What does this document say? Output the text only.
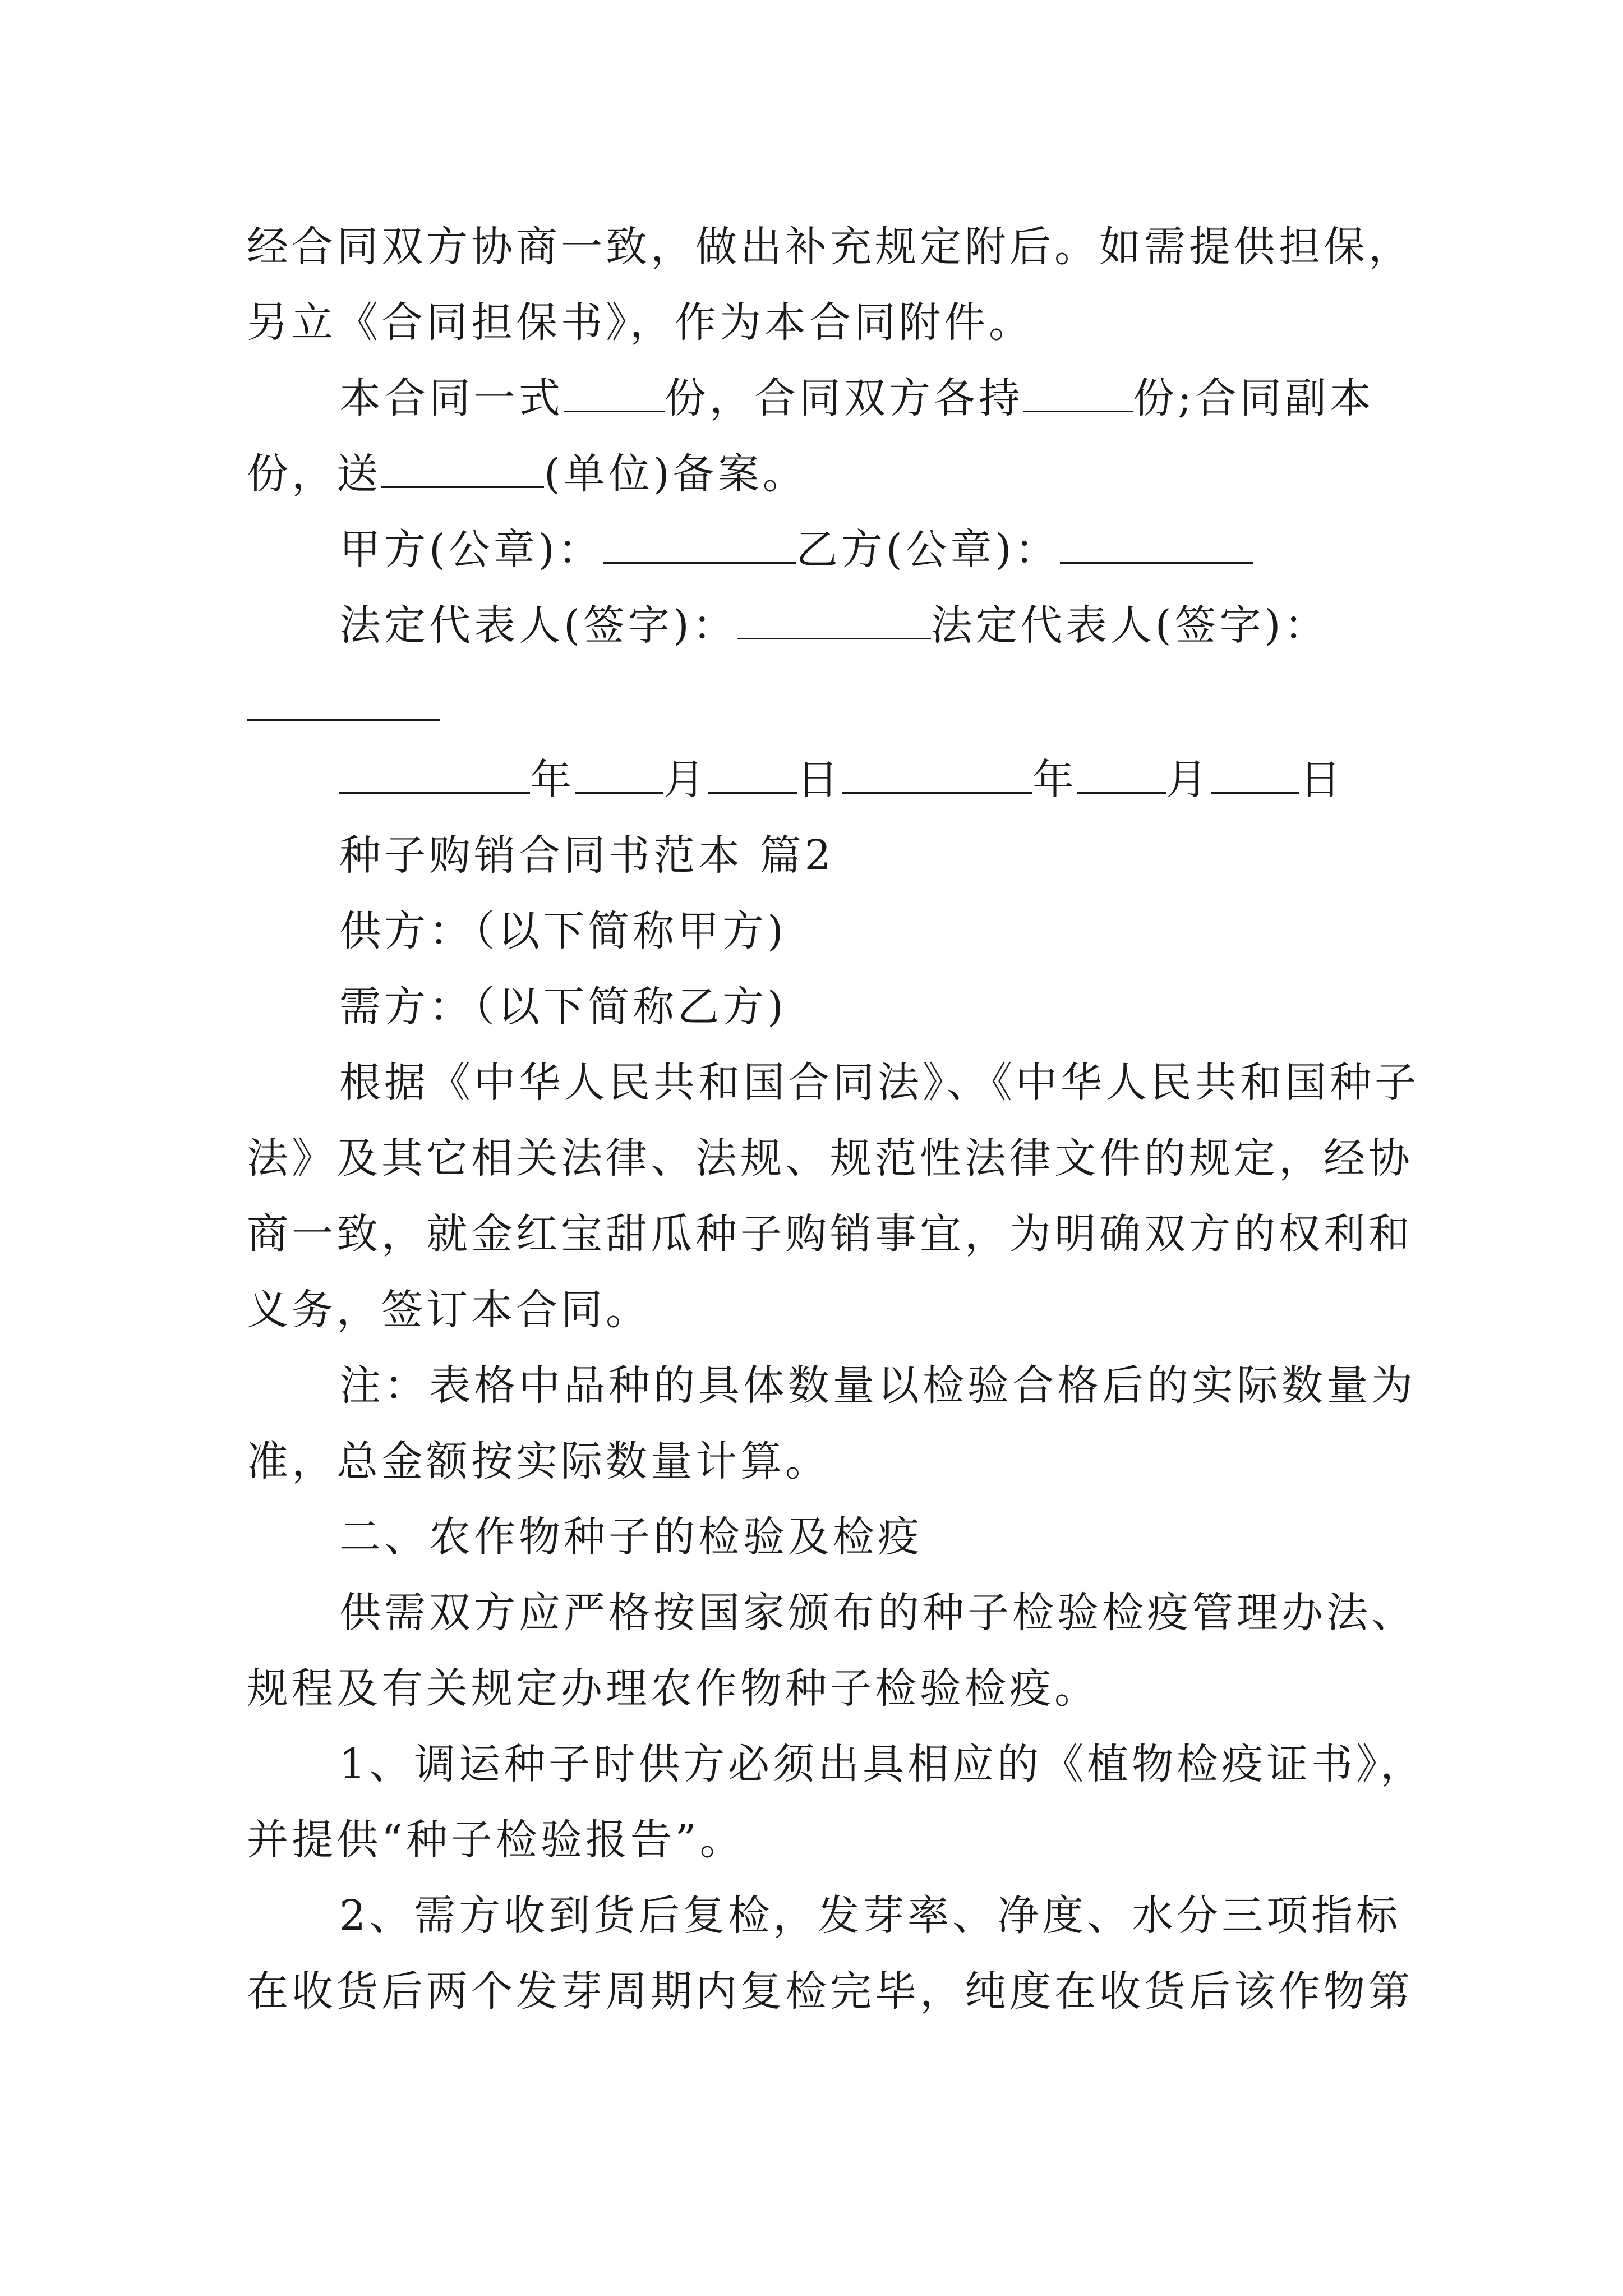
经合同双方协商一致，做出补充规定附后。如需提供担保，
另立《合同担保书》，作为本合同附件。
本合同一式 份，合同双方各持	份;合同副本
份，送	(单位)备案。
甲方(公章)：	乙方(公章)：
法定代表人(签字)：	法定代表人(签字)：
年 月 日	年 月 日
种子购销合同书范本 篇2
供方：（以下简称甲方)
需方：（以下简称乙方)
根据《中华人民共和国合同法》、《中华人民共和国种子
法》及其它相关法律、法规、规范性法律文件的规定，经协
商一致，就金红宝甜瓜种子购销事宜，为明确双方的权利和
义务，签订本合同。
注：表格中品种的具体数量以检验合格后的实际数量为
准，总金额按实际数量计算。
二、农作物种子的检验及检疫
供需双方应严格按国家颁布的种子检验检疫管理办法、
规程及有关规定办理农作物种子检验检疫。
1、调运种子时供方必须出具相应的《植物检疫证书》，
并提供“种子检验报告”。
2、需方收到货后复检，发芽率、净度、水分三项指标
在收货后两个发芽周期内复检完毕，纯度在收货后该作物第
